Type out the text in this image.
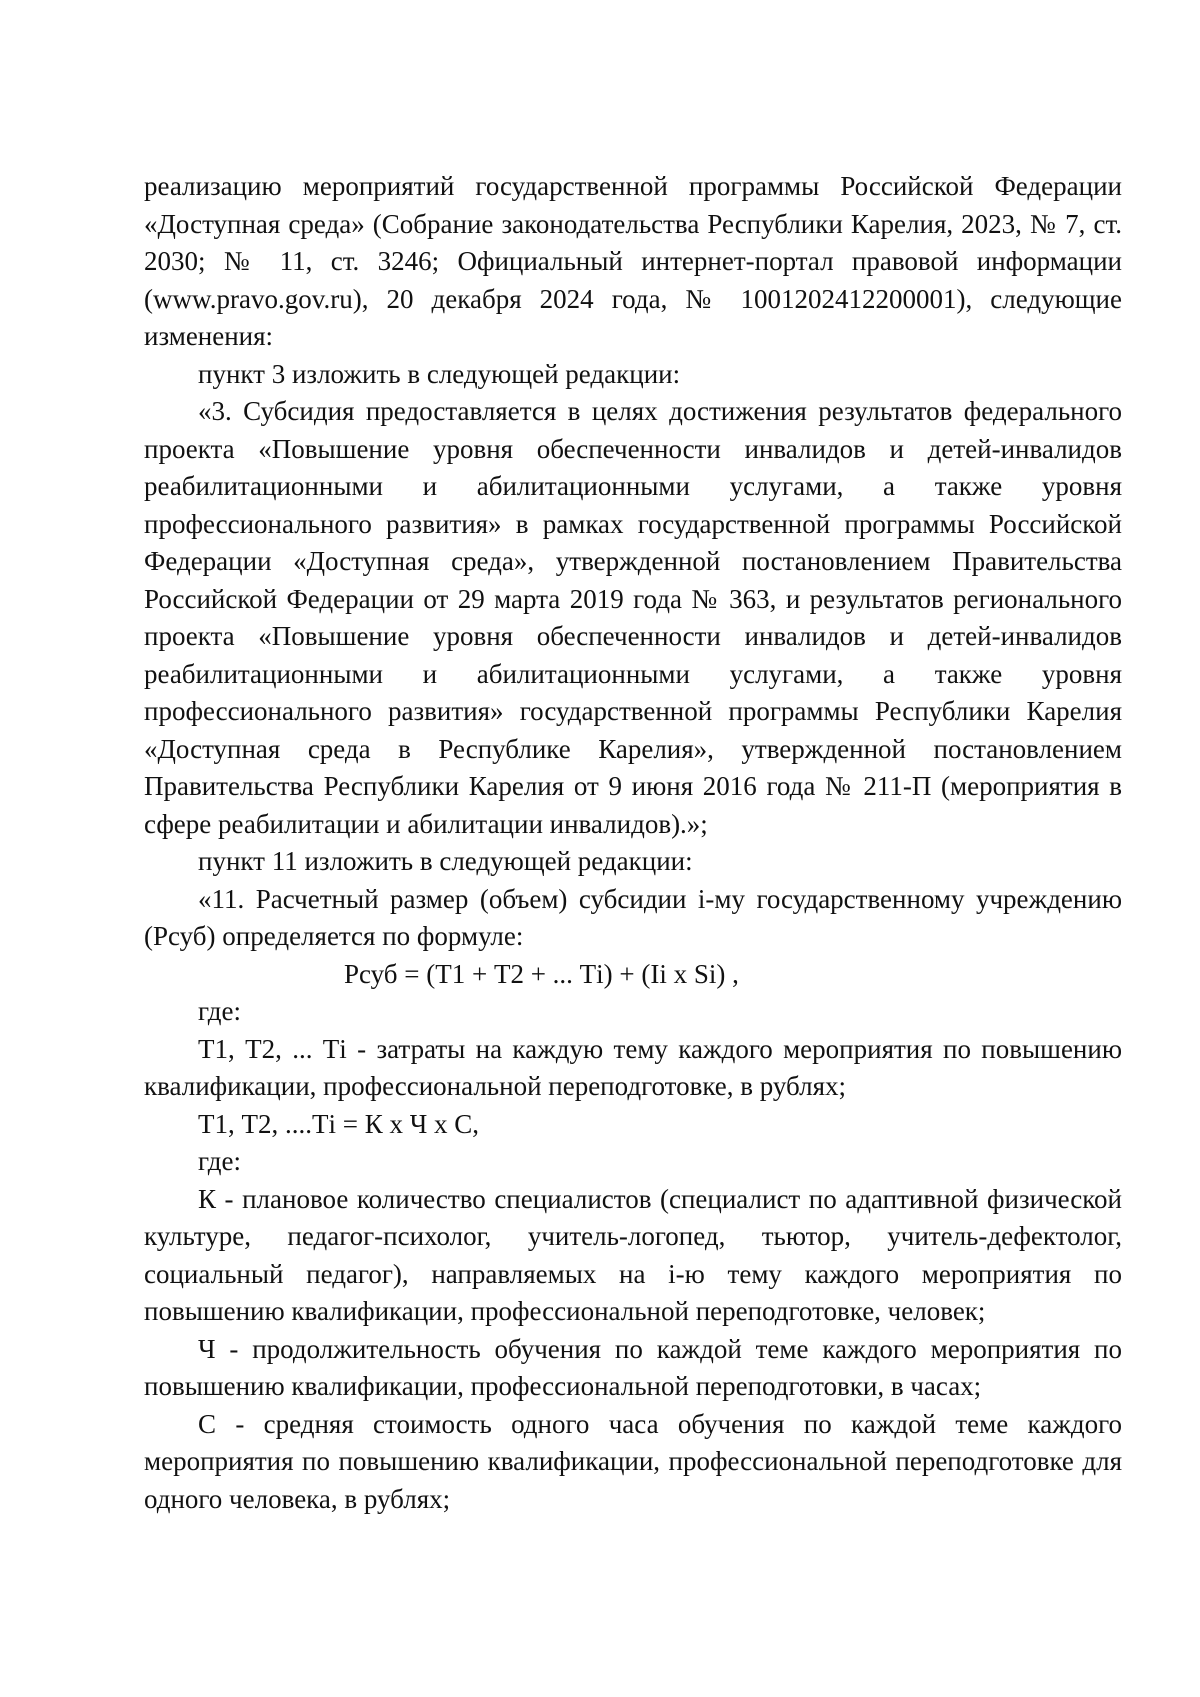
реализацию мероприятий государственной программы Российской Федерации «Доступная среда» (Собрание законодательства Республики Карелия, 2023, № 7, ст. 2030; № 11, ст. 3246; Официальный интернет-портал правовой информации (www.pravo.gov.ru), 20 декабря 2024 года, № 1001202412200001), следующие изменения:

пункт 3 изложить в следующей редакции:

«3. Субсидия предоставляется в целях достижения результатов федерального проекта «Повышение уровня обеспеченности инвалидов и детей-инвалидов реабилитационными и абилитационными услугами, а также уровня профессионального развития» в рамках государственной программы Российской Федерации «Доступная среда», утвержденной постановлением Правительства Российской Федерации от 29 марта 2019 года № 363, и результатов регионального проекта «Повышение уровня обеспеченности инвалидов и детей-инвалидов реабилитационными и абилитационными услугами, а также уровня профессионального развития» государственной программы Республики Карелия «Доступная среда в Республике Карелия», утвержденной постановлением Правительства Республики Карелия от 9 июня 2016 года № 211-П (мероприятия в сфере реабилитации и абилитации инвалидов).»;

пункт 11 изложить в следующей редакции:

«11. Расчетный размер (объем) субсидии i-му государственному учреждению (Рсуб) определяется по формуле:

Рсуб = (Т1 + Т2 + ... Тi) + (Ii x Si) ,

где:

Т1, Т2, ... Тi - затраты на каждую тему каждого мероприятия по повышению квалификации, профессиональной переподготовке, в рублях;

Т1, Т2, ....Тi = К x Ч x С,

где:

К - плановое количество специалистов (специалист по адаптивной физической культуре, педагог-психолог, учитель-логопед, тьютор, учитель-дефектолог, социальный педагог), направляемых на i-ю тему каждого мероприятия по повышению квалификации, профессиональной переподготовке, человек;

Ч - продолжительность обучения по каждой теме каждого мероприятия по повышению квалификации, профессиональной переподготовки, в часах;

С - средняя стоимость одного часа обучения по каждой теме каждого мероприятия по повышению квалификации, профессиональной переподготовке для одного человека, в рублях;
